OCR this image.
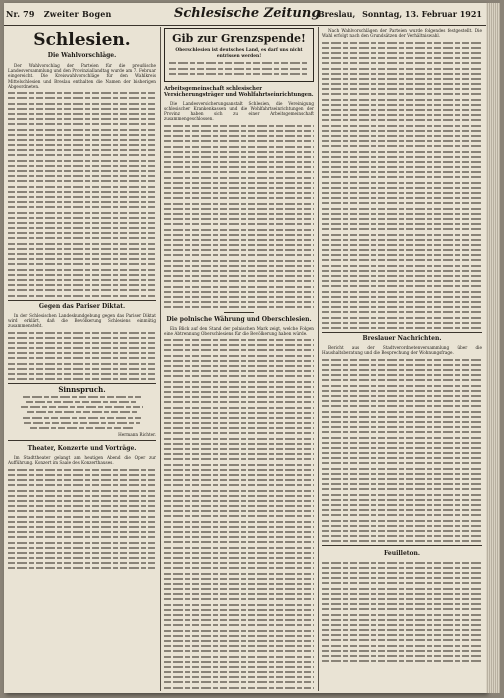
Nr. 79 Zweiter Bogen	Schlesische Zeitung
Breslau, Sonntag, 13. Februar 1921
Schlesien.
Die Wahlvorschläge.

Der Wahlvorschlag der Parteien für die preußische Landesversammlung und den Provinziallandtag wurde am 7. Februar eingereicht. Die Kreiswahlvorschläge für den Wahlkreis Mittelschlesien und Breslau enthalten die Namen der bisherigen Abgeordneten.

Gegen das Pariser Diktat.

In der Schlesischen Landeskundgebung gegen das Pariser Diktat wird erklärt, daß die Bevölkerung Schlesiens einmütig zusammensteht.

Sinnspruch.
Hermann Richter.
Theater, Konzerte und Vorträge.

Im Stadttheater gelangt am heutigen Abend die Oper zur Aufführung. Konzert im Saale des Konzerthauses.

Gib zur Grenzspende!
Oberschlesien ist deutsches Land, es darf uns nicht entrissen werden!
Arbeitsgemeinschaft schlesischer Versicherungsträger und Wohlfahrtseinrichtungen.

Die Landesversicherungsanstalt Schlesien, die Vereinigung schlesischer Krankenkassen und die Wohlfahrtseinrichtungen der Provinz haben sich zu einer Arbeitsgemeinschaft zusammengeschlossen.

Die polnische Währung und Oberschlesien.

Ein Blick auf den Stand der polnischen Mark zeigt, welche Folgen eine Abtrennung Oberschlesiens für die Bevölkerung haben würde.

Nach Wahlvorschlägen der Parteien wurde folgendes festgestellt. Die Wahl erfolgt nach den Grundsätzen der Verhältniswahl.

Breslauer Nachrichten.

Bericht aus der Stadtverordnetenversammlung über die Haushaltsberatung und die Besprechung der Wohnungsfrage.

Feuilleton.
